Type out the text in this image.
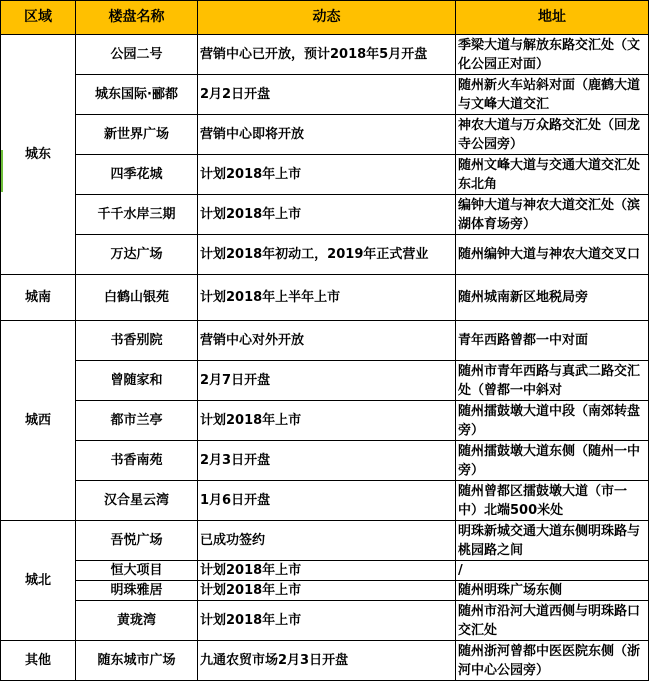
区域	楼盘名称	动态	地址
城东	公园二号	营销中心已开放，预计2018年5月开盘	季梁大道与解放东路交汇处（文化公园正对面）
	城东国际·郦都	2月2日开盘	随州新火车站斜对面（鹿鹤大道与文峰大道交汇
	新世界广场	营销中心即将开放	神农大道与万众路交汇处（回龙寺公园旁）
	四季花城	计划2018年上市	随州文峰大道与交通大道交汇处东北角
	千千水岸三期	计划2018年上市	编钟大道与神农大道交汇处（滨湖体育场旁）
	万达广场	计划2018年初动工，2019年正式营业	随州编钟大道与神农大道交叉口
城南	白鹤山银苑	计划2018年上半年上市	随州城南新区地税局旁
城西	书香别院	营销中心对外开放	青年西路曾都一中对面
	曾随家和	2月7日开盘	随州市青年西路与真武二路交汇处（曾都一中斜对
	都市兰亭	计划2018年上市	随州擂鼓墩大道中段（南郊转盘旁）
	书香南苑	2月3日开盘	随州擂鼓墩大道东侧（随州一中旁）
	汉合星云湾	1月6日开盘	随州曾都区擂鼓墩大道（市一中）北端500米处
城北	吾悦广场	已成功签约	明珠新城交通大道东侧明珠路与桃园路之间
	恒大项目	计划2018年上市	/
	明珠雅居	计划2018年上市	随州明珠广场东侧
	黄珑湾	计划2018年上市	随州市沿河大道西侧与明珠路口交汇处
其他	随东城市广场	九通农贸市场2月3日开盘	随州浙河曾都中医医院东侧（浙河中心公园旁）
